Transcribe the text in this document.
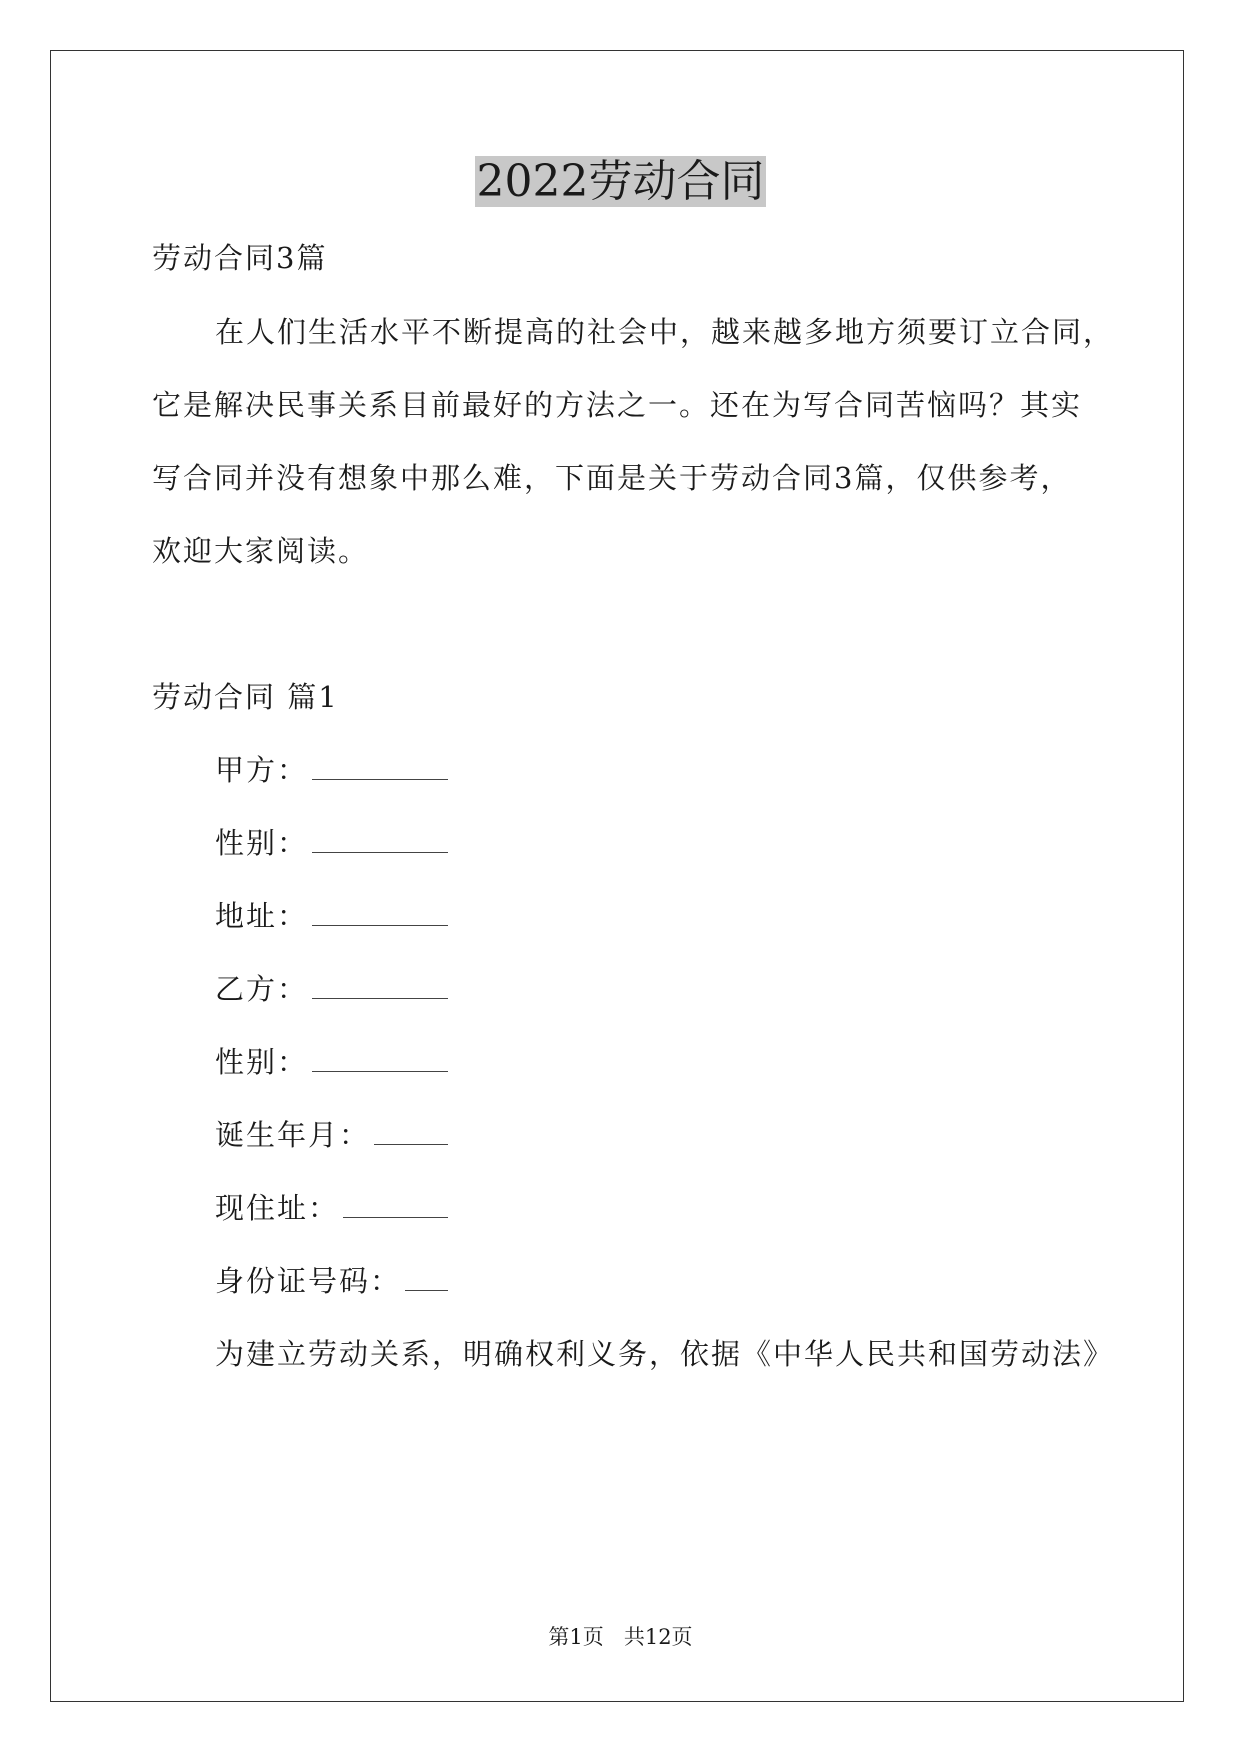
2022劳动合同
劳动合同3篇
在人们生活水平不断提高的社会中，越来越多地方须要订立合同，
它是解决民事关系目前最好的方法之一。还在为写合同苦恼吗？其实
写合同并没有想象中那么难，下面是关于劳动合同3篇，仅供参考，
欢迎大家阅读。
劳动合同 篇1
甲方：
性别：
地址：
乙方：
性别：
诞生年月：
现住址：
身份证号码：
为建立劳动关系，明确权利义务，依据《中华人民共和国劳动法》
第1页 共12页
